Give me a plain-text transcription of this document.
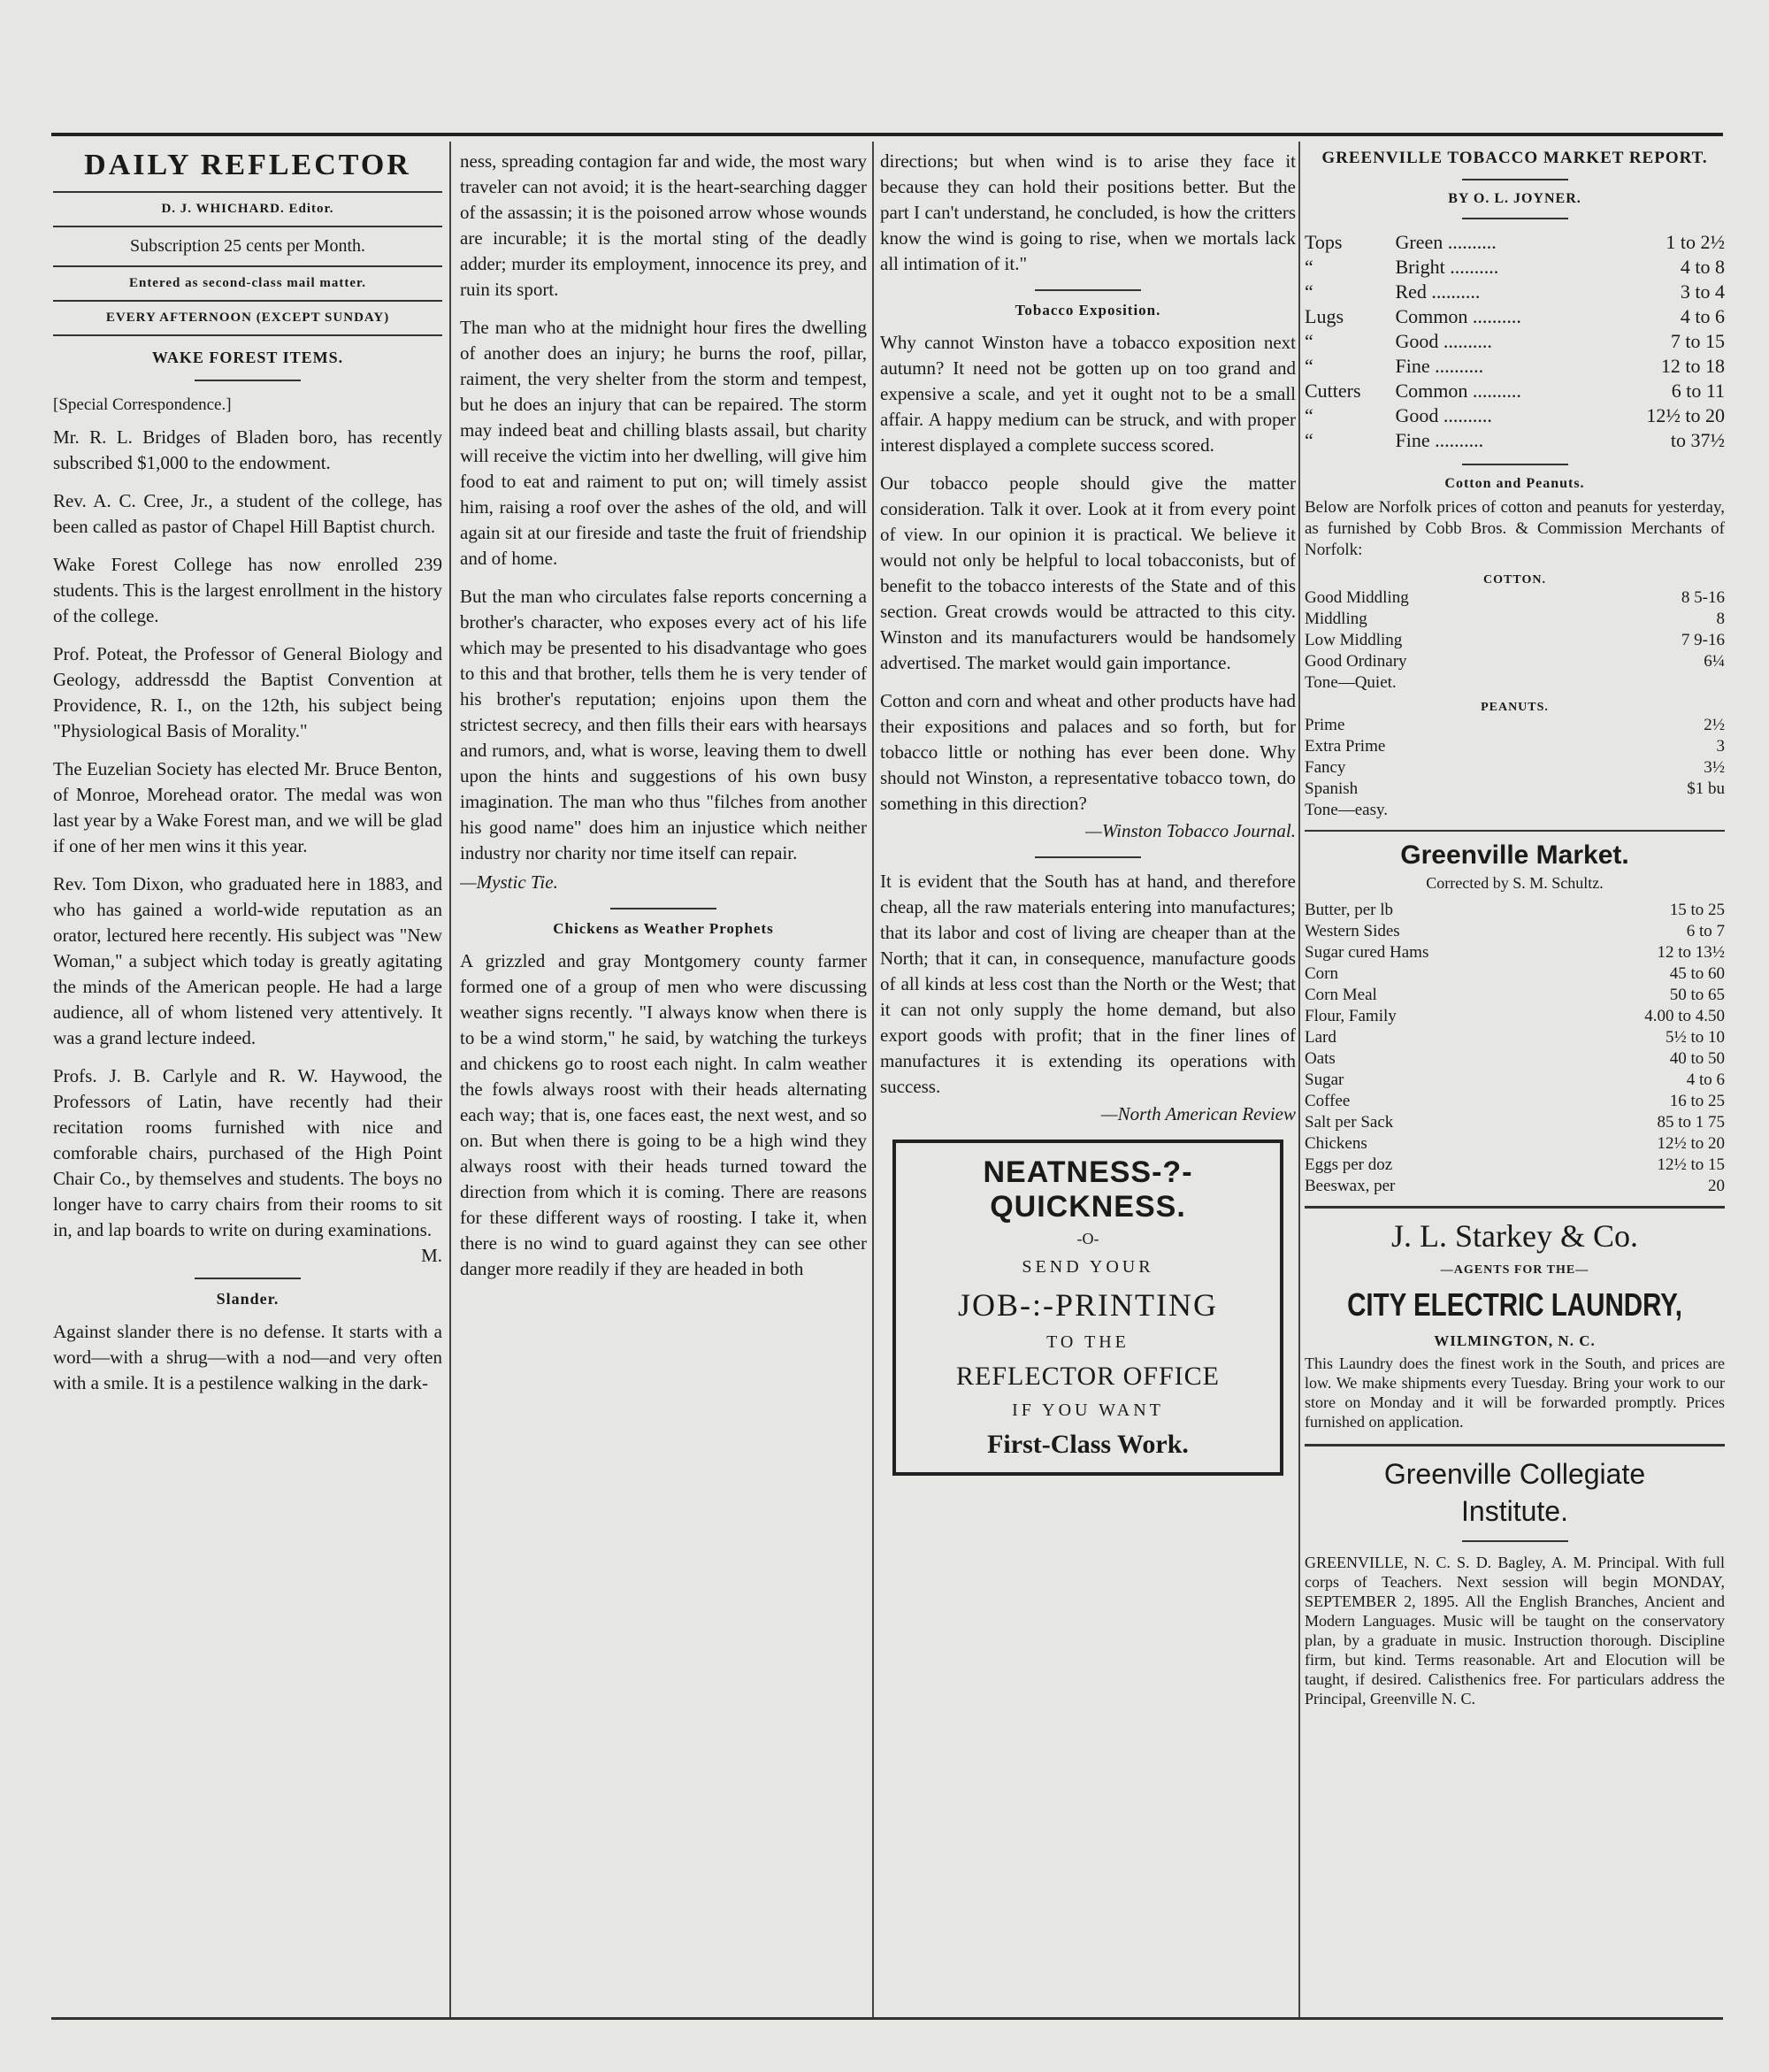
DAILY REFLECTOR
D. J. WHICHARD. Editor.
Subscription 25 cents per Month.
Entered as second-class mail matter.
EVERY AFTERNOON (EXCEPT SUNDAY)
WAKE FOREST ITEMS.

[Special Correspondence.]

Mr. R. L. Bridges of Bladen boro, has recently subscribed $1,000 to the endowment.

Rev. A. C. Cree, Jr., a student of the college, has been called as pastor of Chapel Hill Baptist church.

Wake Forest College has now enrolled 239 students. This is the largest enrollment in the history of the college.

Prof. Poteat, the Professor of General Biology and Geology, addressdd the Baptist Convention at Providence, R. I., on the 12th, his subject being "Physiological Basis of Morality."

The Euzelian Society has elected Mr. Bruce Benton, of Monroe, Morehead orator. The medal was won last year by a Wake Forest man, and we will be glad if one of her men wins it this year.

Rev. Tom Dixon, who graduated here in 1883, and who has gained a world-wide reputation as an orator, lectured here recently. His subject was "New Woman," a subject which today is greatly agitating the minds of the American people. He had a large audience, all of whom listened very attentively. It was a grand lecture indeed.

Profs. J. B. Carlyle and R. W. Haywood, the Professors of Latin, have recently had their recitation rooms furnished with nice and comforable chairs, purchased of the High Point Chair Co., by themselves and students. The boys no longer have to carry chairs from their rooms to sit in, and lap boards to write on during examinations.

M.
Slander.

Against slander there is no defense. It starts with a word—with a shrug—with a nod—and very often with a smile. It is a pestilence walking in the dark-

ness, spreading contagion far and wide, the most wary traveler can not avoid; it is the heart-searching dagger of the assassin; it is the poisoned arrow whose wounds are incurable; it is the mortal sting of the deadly adder; murder its employment, innocence its prey, and ruin its sport.

The man who at the midnight hour fires the dwelling of another does an injury; he burns the roof, pillar, raiment, the very shelter from the storm and tempest, but he does an injury that can be repaired. The storm may indeed beat and chilling blasts assail, but charity will receive the victim into her dwelling, will give him food to eat and raiment to put on; will timely assist him, raising a roof over the ashes of the old, and will again sit at our fireside and taste the fruit of friendship and of home.

But the man who circulates false reports concerning a brother's character, who exposes every act of his life which may be presented to his disadvantage who goes to this and that brother, tells them he is very tender of his brother's reputation; enjoins upon them the strictest secrecy, and then fills their ears with hearsays and rumors, and, what is worse, leaving them to dwell upon the hints and suggestions of his own busy imagination. The man who thus "filches from another his good name" does him an injustice which neither industry nor charity nor time itself can repair.

—Mystic Tie.

Chickens as Weather Prophets

A grizzled and gray Montgomery county farmer formed one of a group of men who were discussing weather signs recently. "I always know when there is to be a wind storm," he said, by watching the turkeys and chickens go to roost each night. In calm weather the fowls always roost with their heads alternating each way; that is, one faces east, the next west, and so on. But when there is going to be a high wind they always roost with their heads turned toward the direction from which it is coming. There are reasons for these different ways of roosting. I take it, when there is no wind to guard against they can see other danger more readily if they are headed in both

directions; but when wind is to arise they face it because they can hold their positions better. But the part I can't understand, he concluded, is how the critters know the wind is going to rise, when we mortals lack all intimation of it."

Tobacco Exposition.

Why cannot Winston have a tobacco exposition next autumn? It need not be gotten up on too grand and expensive a scale, and yet it ought not to be a small affair. A happy medium can be struck, and with proper interest displayed a complete success scored.

Our tobacco people should give the matter consideration. Talk it over. Look at it from every point of view. In our opinion it is practical. We believe it would not only be helpful to local tobacconists, but of benefit to the tobacco interests of the State and of this section. Great crowds would be attracted to this city. Winston and its manufacturers would be handsomely advertised. The market would gain importance.

Cotton and corn and wheat and other products have had their expositions and palaces and so forth, but for tobacco little or nothing has ever been done. Why should not Winston, a representative tobacco town, do something in this direction?

—Winston Tobacco Journal.

It is evident that the South has at hand, and therefore cheap, all the raw materials entering into manufactures; that its labor and cost of living are cheaper than at the North; that it can, in consequence, manufacture goods of all kinds at less cost than the North or the West; that it can not only supply the home demand, but also export goods with profit; that in the finer lines of manufactures it is extending its operations with success.

—North American Review

NEATNESS-?-QUICKNESS.
-O-
SEND YOUR
JOB-:-PRINTING
TO THE
REFLECTOR OFFICE
IF YOU WANT
First-Class Work.
GREENVILLE TOBACCO MARKET REPORT.
BY O. L. JOYNER.
Tops	Green ..........	1 to 2½
“	Bright ..........	4 to 8
“	Red ..........	3 to 4
Lugs	Common ..........	4 to 6
“	Good ..........	7 to 15
“	Fine ..........	12 to 18
Cutters	Common ..........	6 to 11
“	Good ..........	12½ to 20
“	Fine ..........	to 37½
Cotton and Peanuts.

Below are Norfolk prices of cotton and peanuts for yesterday, as furnished by Cobb Bros. & Commission Merchants of Norfolk:

COTTON.
Good Middling	8 5-16
Middling	8
Low Middling	7 9-16
Good Ordinary	6¼
Tone—Quiet.	
PEANUTS.
Prime	2½
Extra Prime	3
Fancy	3½
Spanish	$1 bu
Tone—easy.	
Greenville Market.
Corrected by S. M. Schultz.
Butter, per lb	15 to 25
Western Sides	6 to 7
Sugar cured Hams	12 to 13½
Corn	45 to 60
Corn Meal	50 to 65
Flour, Family	4.00 to 4.50
Lard	5½ to 10
Oats	40 to 50
Sugar	4 to 6
Coffee	16 to 25
Salt per Sack	85 to 1 75
Chickens	12½ to 20
Eggs per doz	12½ to 15
Beeswax, per	20
J. L. Starkey & Co.
—AGENTS FOR THE—
CITY ELECTRIC LAUNDRY,
WILMINGTON, N. C.

This Laundry does the finest work in the South, and prices are low. We make shipments every Tuesday. Bring your work to our store on Monday and it will be forwarded promptly. Prices furnished on application.

Greenville Collegiate Institute.

GREENVILLE, N. C. S. D. Bagley, A. M. Principal. With full corps of Teachers. Next session will begin MONDAY, SEPTEMBER 2, 1895. All the English Branches, Ancient and Modern Languages. Music will be taught on the conservatory plan, by a graduate in music. Instruction thorough. Discipline firm, but kind. Terms reasonable. Art and Elocution will be taught, if desired. Calisthenics free. For particulars address the Principal, Greenville N. C.
